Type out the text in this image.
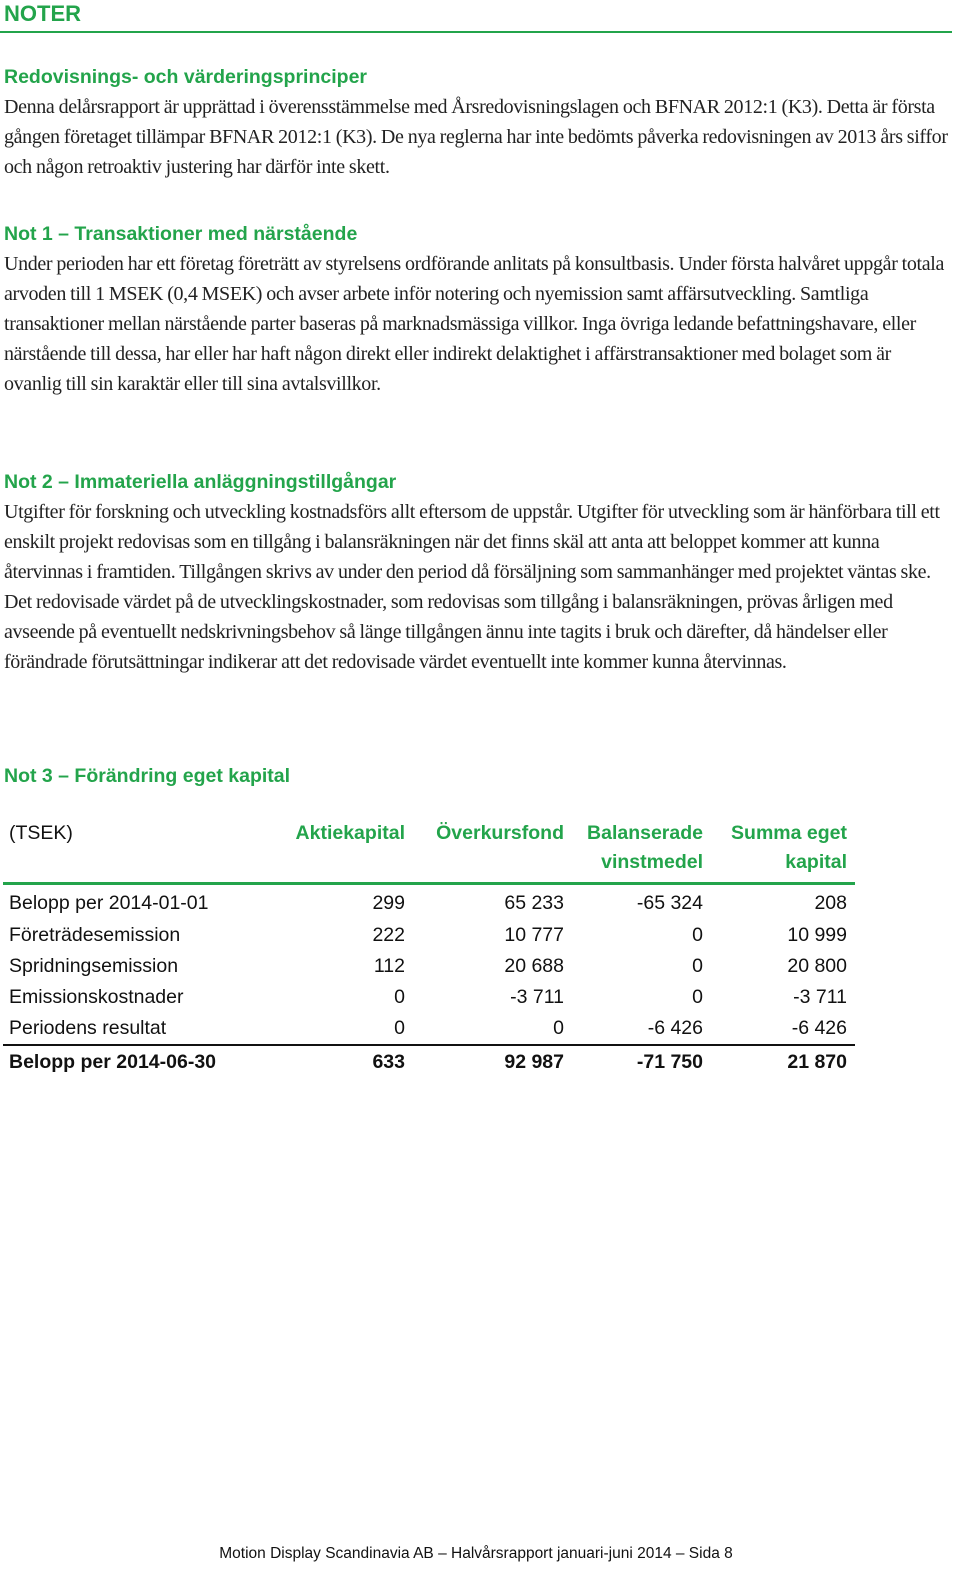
NOTER
Redovisnings- och värderingsprinciper

Denna delårsrapport är upprättad i överensstämmelse med Årsredovisningslagen och BFNAR 2012:1 (K3). Detta är första gången företaget tillämpar BFNAR 2012:1 (K3). De nya reglerna har inte bedömts påverka redovisningen av 2013 års siffor och någon retroaktiv justering har därför inte skett.

Not 1 – Transaktioner med närstående

Under perioden har ett företag företrätt av styrelsens ordförande anlitats på konsultbasis. Under första halvåret uppgår totala arvoden till 1 MSEK (0,4 MSEK) och avser arbete inför notering och nyemission samt affärsutveckling. Samtliga transaktioner mellan närstående parter baseras på marknadsmässiga villkor. Inga övriga ledande befattningshavare, eller närstående till dessa, har eller har haft någon direkt eller indirekt delaktighet i affärstransaktioner med bolaget som är ovanlig till sin karaktär eller till sina avtalsvillkor.

Not 2 – Immateriella anläggningstillgångar

Utgifter för forskning och utveckling kostnadsförs allt eftersom de uppstår. Utgifter för utveckling som är hänförbara till ett enskilt projekt redovisas som en tillgång i balansräkningen när det finns skäl att anta att beloppet kommer att kunna återvinnas i framtiden. Tillgången skrivs av under den period då försäljning som sammanhänger med projektet väntas ske. Det redovisade värdet på de utvecklingskostnader, som redovisas som tillgång i balansräkningen, prövas årligen med avseende på eventuellt nedskrivningsbehov så länge tillgången ännu inte tagits i bruk och därefter, då händelser eller förändrade förutsättningar indikerar att det redovisade värdet eventuellt inte kommer kunna återvinnas.

Not 3 – Förändring eget kapital
(TSEK)	Aktiekapital	Överkursfond	Balanserade vinstmedel	Summa eget kapital
Belopp per 2014-01-01	299	65 233	-65 324	208
Företrädesemission	222	10 777	0	10 999
Spridningsemission	112	20 688	0	20 800
Emissionskostnader	0	-3 711	0	-3 711
Periodens resultat	0	0	-6 426	-6 426
Belopp per 2014-06-30	633	92 987	-71 750	21 870
Motion Display Scandinavia AB – Halvårsrapport januari-juni 2014 – Sida 8
